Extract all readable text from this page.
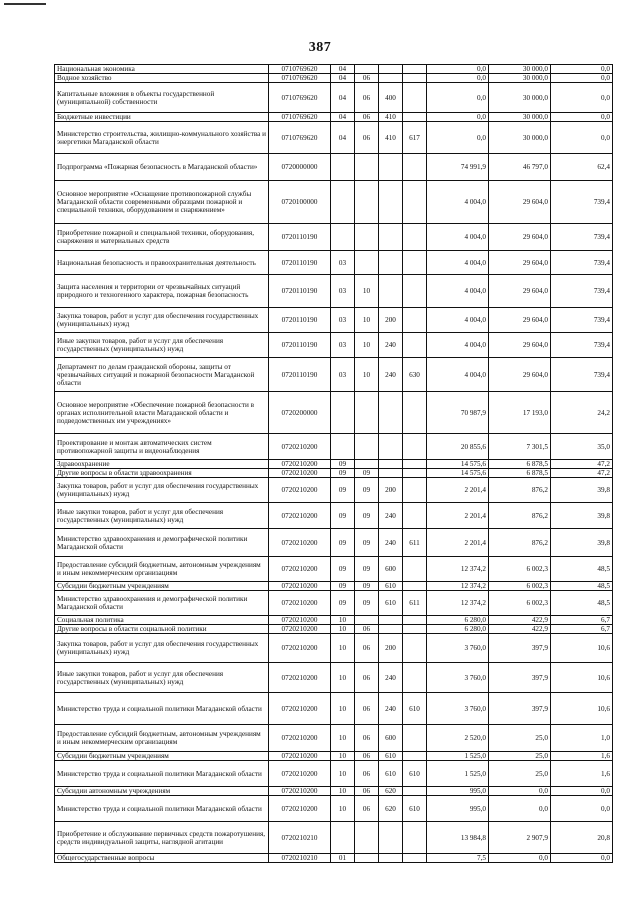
387
Национальная экономика	0710769620	04				0,0	30 000,0	0,0
Водное хозяйство	0710769620	04	06			0,0	30 000,0	0,0
Капитальные вложения в объекты государственной (муниципальной) собственности	0710769620	04	06	400		0,0	30 000,0	0,0
Бюджетные инвестиции	0710769620	04	06	410		0,0	30 000,0	0,0
Министерство строительства, жилищно-коммунального хозяйства и энергетики Магаданской области	0710769620	04	06	410	617	0,0	30 000,0	0,0
Подпрограмма «Пожарная безопасность в Магаданской области»	0720000000					74 991,9	46 797,0	62,4
Основное мероприятие «Оснащение противопожарной службы Магаданской области современными образцами пожарной и специальной техники, оборудованием и снаряжением»	0720100000					4 004,0	29 604,0	739,4
Приобретение пожарной и специальной техники, оборудования, снаряжения и материальных средств	0720110190					4 004,0	29 604,0	739,4
Национальная безопасность и правоохранительная деятельность	0720110190	03				4 004,0	29 604,0	739,4
Защита населения и территории от чрезвычайных ситуаций природного и техногенного характера, пожарная безопасность	0720110190	03	10			4 004,0	29 604,0	739,4
Закупка товаров, работ и услуг для обеспечения государственных (муниципальных) нужд	0720110190	03	10	200		4 004,0	29 604,0	739,4
Иные закупки товаров, работ и услуг для обеспечения государственных (муниципальных) нужд	0720110190	03	10	240		4 004,0	29 604,0	739,4
Департамент по делам гражданской обороны, защиты от чрезвычайных ситуаций и пожарной безопасности Магаданской области	0720110190	03	10	240	630	4 004,0	29 604,0	739,4
Основное мероприятие «Обеспечение пожарной безопасности в органах исполнительной власти Магаданской области и подведомственных им учреждениях»	0720200000					70 987,9	17 193,0	24,2
Проектирование и монтаж автоматических систем противопожарной защиты и видеонаблюдения	0720210200					20 855,6	7 301,5	35,0
Здравоохранение	0720210200	09				14 575,6	6 878,5	47,2
Другие вопросы в области здравоохранения	0720210200	09	09			14 575,6	6 878,5	47,2
Закупка товаров, работ и услуг для обеспечения государственных (муниципальных) нужд	0720210200	09	09	200		2 201,4	876,2	39,8
Иные закупки товаров, работ и услуг для обеспечения государственных (муниципальных) нужд	0720210200	09	09	240		2 201,4	876,2	39,8
Министерство здравоохранения и демографической политики Магаданской области	0720210200	09	09	240	611	2 201,4	876,2	39,8
Предоставление субсидий бюджетным, автономным учреждениям и иным некоммерческим организациям	0720210200	09	09	600		12 374,2	6 002,3	48,5
Субсидии бюджетным учреждениям	0720210200	09	09	610		12 374,2	6 002,3	48,5
Министерство здравоохранения и демографической политики Магаданской области	0720210200	09	09	610	611	12 374,2	6 002,3	48,5
Социальная политика	0720210200	10				6 280,0	422,9	6,7
Другие вопросы в области социальной политики	0720210200	10	06			6 280,0	422,9	6,7
Закупка товаров, работ и услуг для обеспечения государственных (муниципальных) нужд	0720210200	10	06	200		3 760,0	397,9	10,6
Иные закупки товаров, работ и услуг для обеспечения государственных (муниципальных) нужд	0720210200	10	06	240		3 760,0	397,9	10,6
Министерство труда и социальной политики Магаданской области	0720210200	10	06	240	610	3 760,0	397,9	10,6
Предоставление субсидий бюджетным, автономным учреждениям и иным некоммерческим организациям	0720210200	10	06	600		2 520,0	25,0	1,0
Субсидии бюджетным учреждениям	0720210200	10	06	610		1 525,0	25,0	1,6
Министерство труда и социальной политики Магаданской области	0720210200	10	06	610	610	1 525,0	25,0	1,6
Субсидии автономным учреждениям	0720210200	10	06	620		995,0	0,0	0,0
Министерство труда и социальной политики Магаданской области	0720210200	10	06	620	610	995,0	0,0	0,0
Приобретение и обслуживание первичных средств пожаротушения, средств индивидуальной защиты, наглядной агитации	0720210210					13 984,8	2 907,9	20,8
Общегосударственные вопросы	0720210210	01				7,5	0,0	0,0
